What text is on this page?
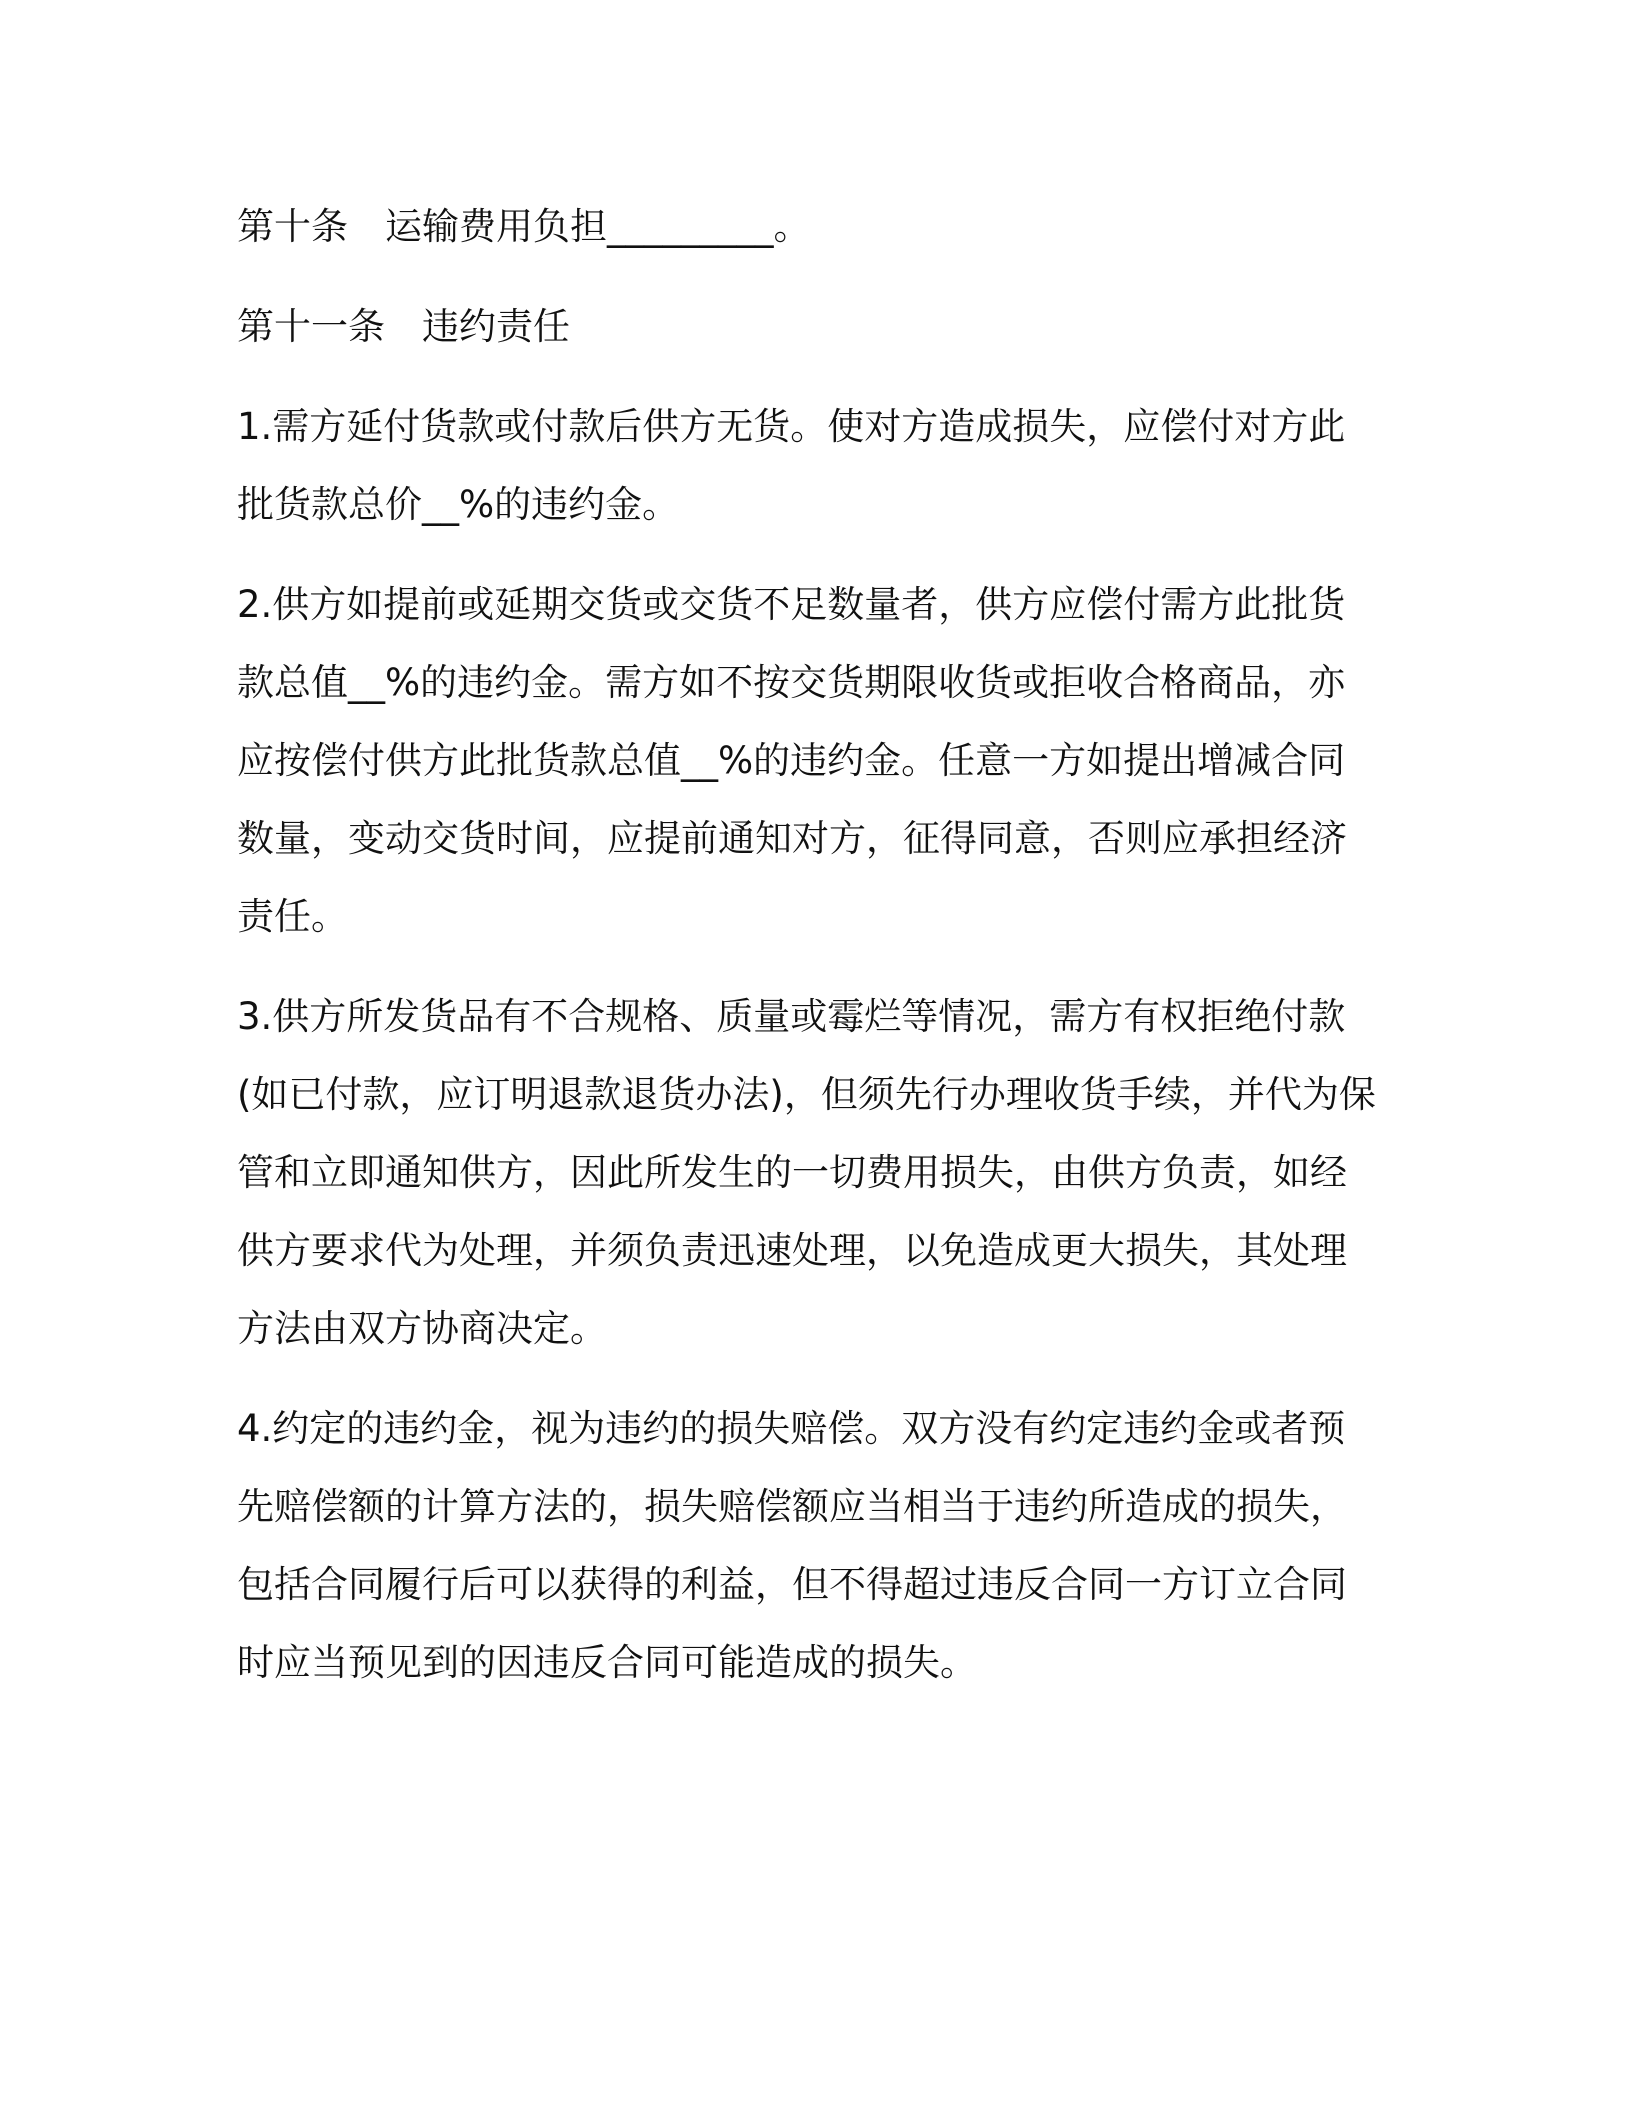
第十条　运输费用负担_________。
第十一条　违约责任
1.需方延付货款或付款后供方无货。使对方造成损失，应偿付对方此
批货款总价__%的违约金。
2.供方如提前或延期交货或交货不足数量者，供方应偿付需方此批货
款总值__%的违约金。需方如不按交货期限收货或拒收合格商品，亦
应按偿付供方此批货款总值__%的违约金。任意一方如提出增减合同
数量，变动交货时间，应提前通知对方，征得同意，否则应承担经济
责任。
3.供方所发货品有不合规格、质量或霉烂等情况，需方有权拒绝付款
(如已付款，应订明退款退货办法)，但须先行办理收货手续，并代为保
管和立即通知供方，因此所发生的一切费用损失，由供方负责，如经
供方要求代为处理，并须负责迅速处理，以免造成更大损失，其处理
方法由双方协商决定。
4.约定的违约金，视为违约的损失赔偿。双方没有约定违约金或者预
先赔偿额的计算方法的，损失赔偿额应当相当于违约所造成的损失，
包括合同履行后可以获得的利益，但不得超过违反合同一方订立合同
时应当预见到的因违反合同可能造成的损失。
